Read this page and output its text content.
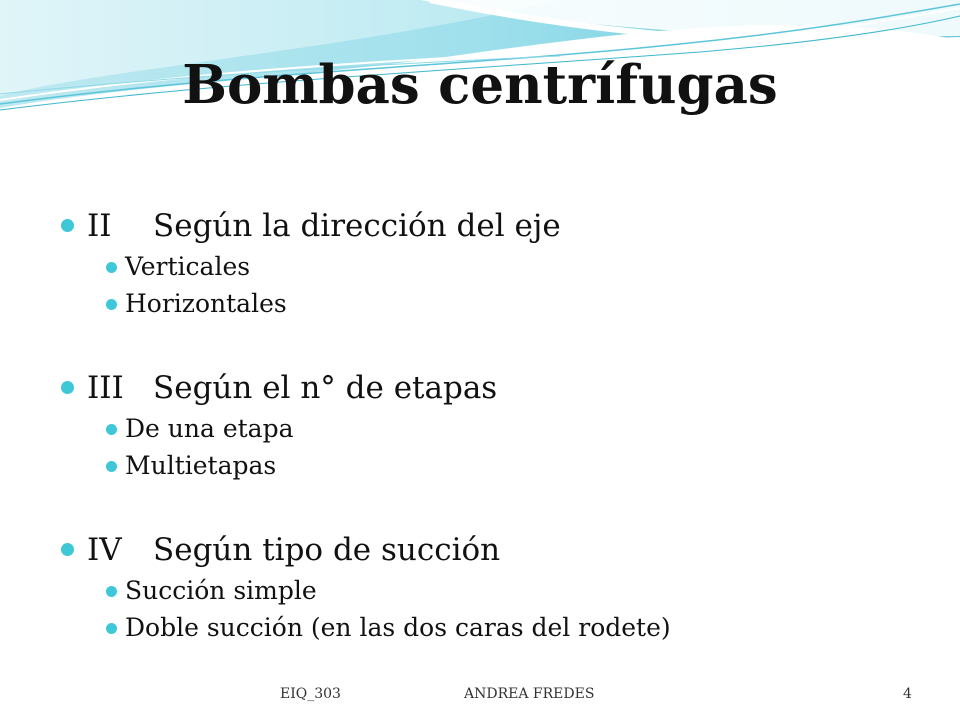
Bombas centrífugas
II Según la dirección del eje
Verticales
Horizontales
III Según el n° de etapas
De una etapa
Multietapas
IV Según tipo de succión
Succión simple
Doble succión (en las dos caras del rodete)
EIQ_303	ANDREA FREDES	4
